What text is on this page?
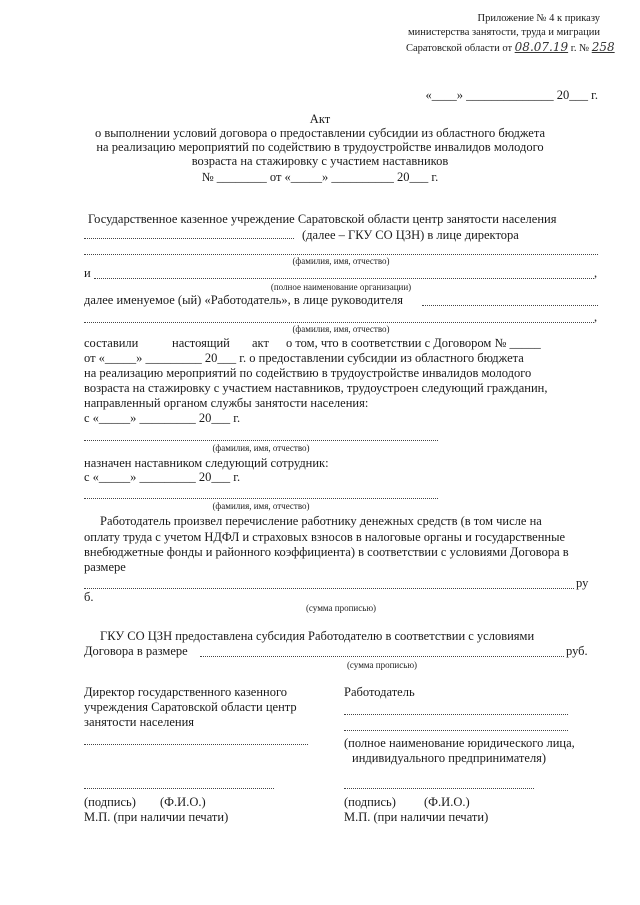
Приложение № 4 к приказу
министерства занятости, труда и миграции
Саратовской области от 08.07.19 г. № 258
«____» ______________ 20___ г.
Акт
о выполнении условий договора о предоставлении субсидии из областного бюджета
на реализацию мероприятий по содействию в трудоустройстве инвалидов молодого
возраста на стажировку с участием наставников
№ ________ от «_____» __________ 20___ г.
Государственное казенное учреждение Саратовской области центр занятости населения
(далее – ГКУ СО ЦЗН) в лице директора
(фамилия, имя, отчество)
и	,
(полное наименование организации)
далее именуемое (ый) «Работодатель», в лице руководителя
,
(фамилия, имя, отчество)
составили	настоящий акт о том, что в соответствии с Договором № _____
от «_____» _________ 20___ г. о предоставлении субсидии из областного бюджета
на реализацию мероприятий по содействию в трудоустройстве инвалидов молодого
возраста на стажировку с участием наставников, трудоустроен следующий гражданин,
направленный органом службы занятости населения:
с «_____» _________ 20___ г.
(фамилия, имя, отчество)
назначен наставником следующий сотрудник:
с «_____» _________ 20___ г.
(фамилия, имя, отчество)
Работодатель произвел перечисление работнику денежных средств (в том числе на
оплату труда с учетом НДФЛ и страховых взносов в налоговые органы и государственные
внебюджетные фонды и районного коэффициента) в соответствии с условиями Договора в
размере
ру
б.
(сумма прописью)
ГКУ СО ЦЗН предоставлена субсидия Работодателю в соответствии с условиями
Договора в размере	руб.
(сумма прописью)
Директор государственного казенного
учреждения Саратовской области центр
занятости населения
Работодатель
(полное наименование юридического лица,
индивидуального предпринимателя)
(подпись) (Ф.И.О.)
М.П. (при наличии печати)
(подпись) (Ф.И.О.)
М.П. (при наличии печати)
